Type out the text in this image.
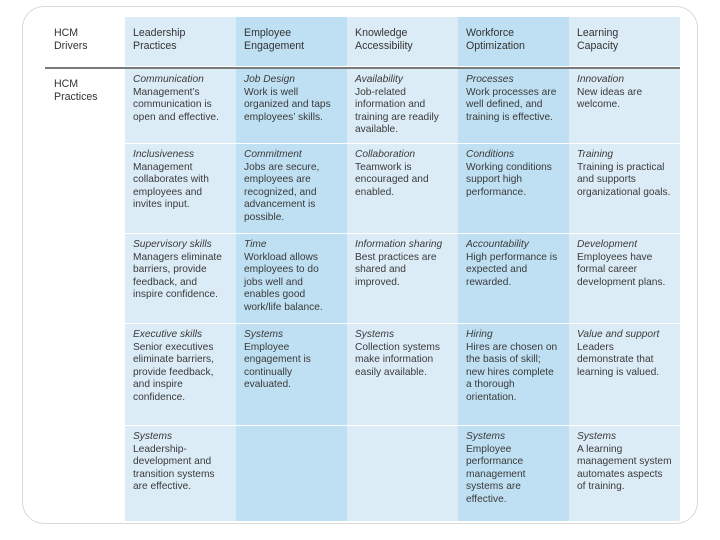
HCM
Drivers
Leadership
Practices
Employee
Engagement
Knowledge
Accessibility
Workforce
Optimization
Learning
Capacity
HCM
Practices
Communication
Management’s communication is open and effective.
Job Design
Work is well organized and taps employees’ skills.
Availability
Job-related information and training are readily available.
Processes
Work processes are well defined, and training is effective.
Innovation
New ideas are welcome.
Inclusiveness
Management collaborates with employees and invites input.
Commitment
Jobs are secure, employees are recognized, and advancement is possible.
Collaboration
Teamwork is encouraged and enabled.
Conditions
Working conditions support high performance.
Training
Training is practical and supports organizational goals.
Supervisory skills
Managers eliminate barriers, provide feedback, and inspire confidence.
Time
Workload allows employees to do jobs well and enables good work/life balance.
Information sharing
Best practices are shared and improved.
Accountability
High performance is expected and rewarded.
Development
Employees have formal career development plans.
Executive skills
Senior executives eliminate barriers, provide feedback, and inspire confidence.
Systems
Employee engagement is continually evaluated.
Systems
Collection systems make information easily available.
Hiring
Hires are chosen on the basis of skill; new hires complete a thorough orientation.
Value and support
Leaders demonstrate that learning is valued.
Systems
Leadership-development and transition systems are effective.
Systems
Employee performance management systems are effective.
Systems
A learning management system automates aspects of training.
